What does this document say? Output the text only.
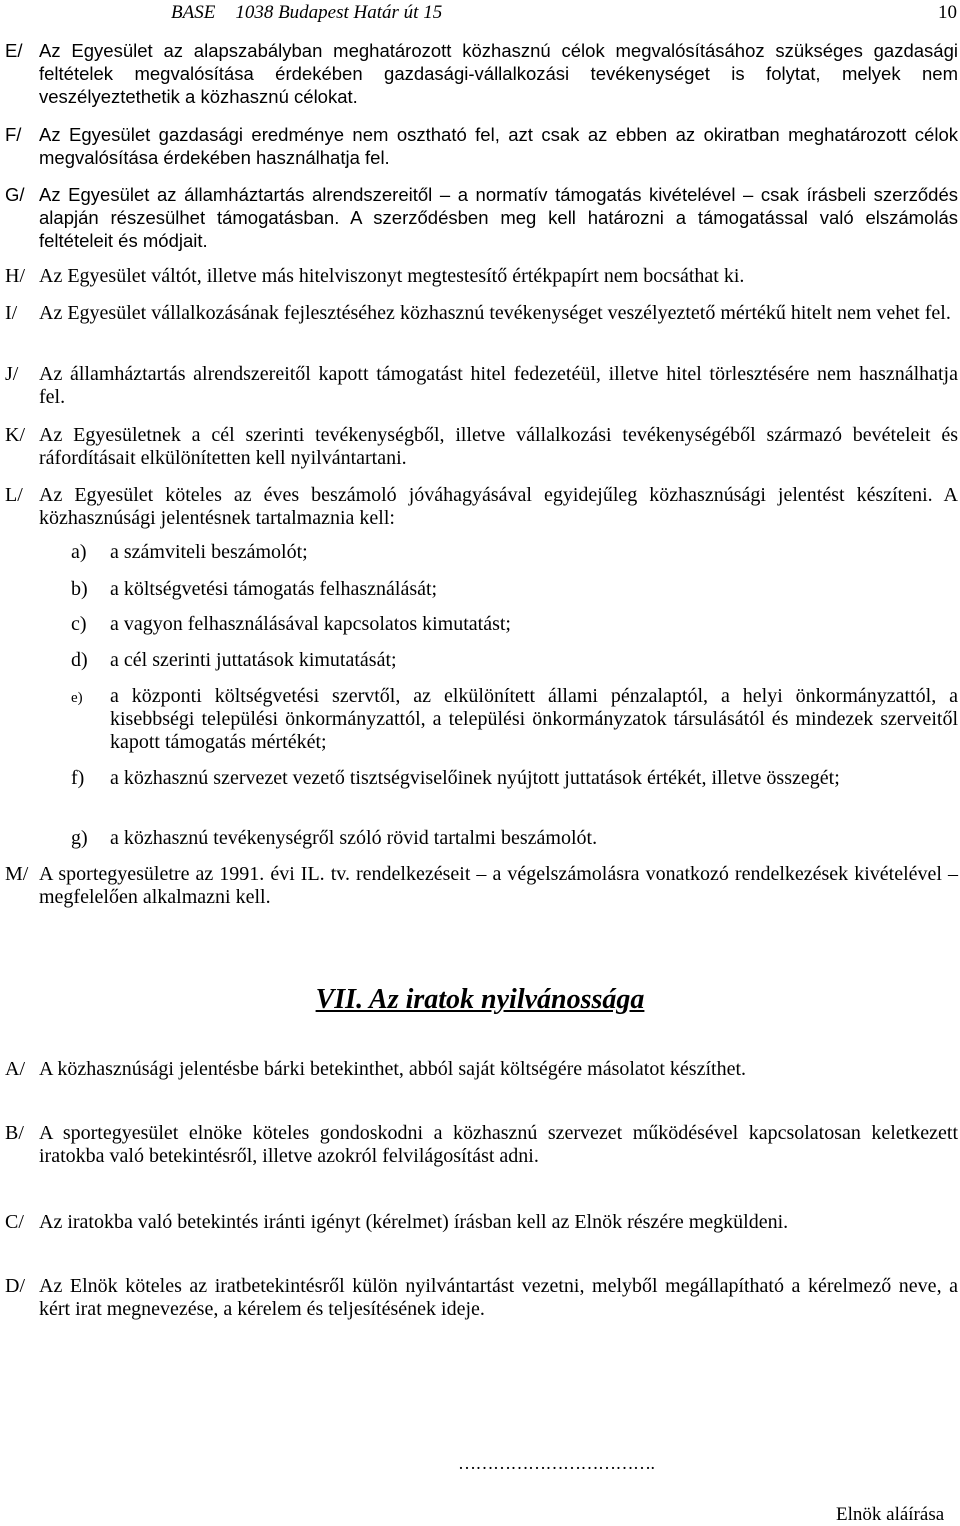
BASE 1038 Budapest Határ út 15	10
E/ Az Egyesület az alapszabályban meghatározott közhasznú célok megvalósításához szükséges gazdasági feltételek megvalósítása érdekében gazdasági-vállalkozási tevékenységet is folytat, melyek nem veszélyeztethetik a közhasznú célokat.
F/ Az Egyesület gazdasági eredménye nem osztható fel, azt csak az ebben az okiratban meghatározott célok megvalósítása érdekében használhatja fel.
G/ Az Egyesület az államháztartás alrendszereitől – a normatív támogatás kivételével – csak írásbeli szerződés alapján részesülhet támogatásban. A szerződésben meg kell határozni a támogatással való elszámolás feltételeit és módjait.
H/ Az Egyesület váltót, illetve más hitelviszonyt megtestesítő értékpapírt nem bocsáthat ki.
I/ Az Egyesület vállalkozásának fejlesztéséhez közhasznú tevékenységet veszélyeztető mértékű hitelt nem vehet fel.
J/ Az államháztartás alrendszereitől kapott támogatást hitel fedezetéül, illetve hitel törlesztésére nem használhatja fel.
K/ Az Egyesületnek a cél szerinti tevékenységből, illetve vállalkozási tevékenységéből származó bevételeit és ráfordításait elkülönítetten kell nyilvántartani.
L/ Az Egyesület köteles az éves beszámoló jóváhagyásával egyidejűleg közhasznúsági jelentést készíteni. A közhasznúsági jelentésnek tartalmaznia kell:
a) a számviteli beszámolót;
b) a költségvetési támogatás felhasználását;
c) a vagyon felhasználásával kapcsolatos kimutatást;
d) a cél szerinti juttatások kimutatását;
e) a központi költségvetési szervtől, az elkülönített állami pénzalaptól, a helyi önkormányzattól, a kisebbségi települési önkormányzattól, a települési önkormányzatok társulásától és mindezek szerveitől kapott támogatás mértékét;
f) a közhasznú szervezet vezető tisztségviselőinek nyújtott juttatások értékét, illetve összegét;
g) a közhasznú tevékenységről szóló rövid tartalmi beszámolót.
M/ A sportegyesületre az 1991. évi IL. tv. rendelkezéseit – a végelszámolásra vonatkozó rendelkezések kivételével – megfelelően alkalmazni kell.
VII. Az iratok nyilvánossága
A/ A közhasznúsági jelentésbe bárki betekinthet, abból saját költségére másolatot készíthet.
B/ A sportegyesület elnöke köteles gondoskodni a közhasznú szervezet működésével kapcsolatosan keletkezett iratokba való betekintésről, illetve azokról felvilágosítást adni.
C/ Az iratokba való betekintés iránti igényt (kérelmet) írásban kell az Elnök részére megküldeni.
D/ Az Elnök köteles az iratbetekintésről külön nyilvántartást vezetni, melyből megállapítható a kérelmező neve, a kért irat megnevezése, a kérelem és teljesítésének ideje.
…………………………….
Elnök aláírása
